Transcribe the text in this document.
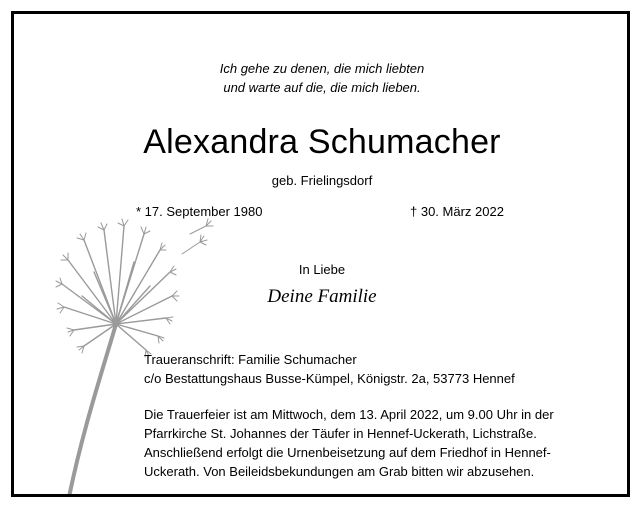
Ich gehe zu denen, die mich liebten
und warte auf die, die mich lieben.
Alexandra Schumacher
geb. Frielingsdorf
* 17. September 1980	† 30. März 2022
In Liebe
Deine Familie
Traueranschrift: Familie Schumacher
c/o Bestattungshaus Busse-Kümpel, Königstr. 2a, 53773 Hennef
Die Trauerfeier ist am Mittwoch, dem 13. April 2022, um 9.00 Uhr in der
Pfarrkirche St. Johannes der Täufer in Hennef-Uckerath, Lichstraße.
Anschließend erfolgt die Urnenbeisetzung auf dem Friedhof in Hennef-
Uckerath. Von Beileidsbekundungen am Grab bitten wir abzusehen.
